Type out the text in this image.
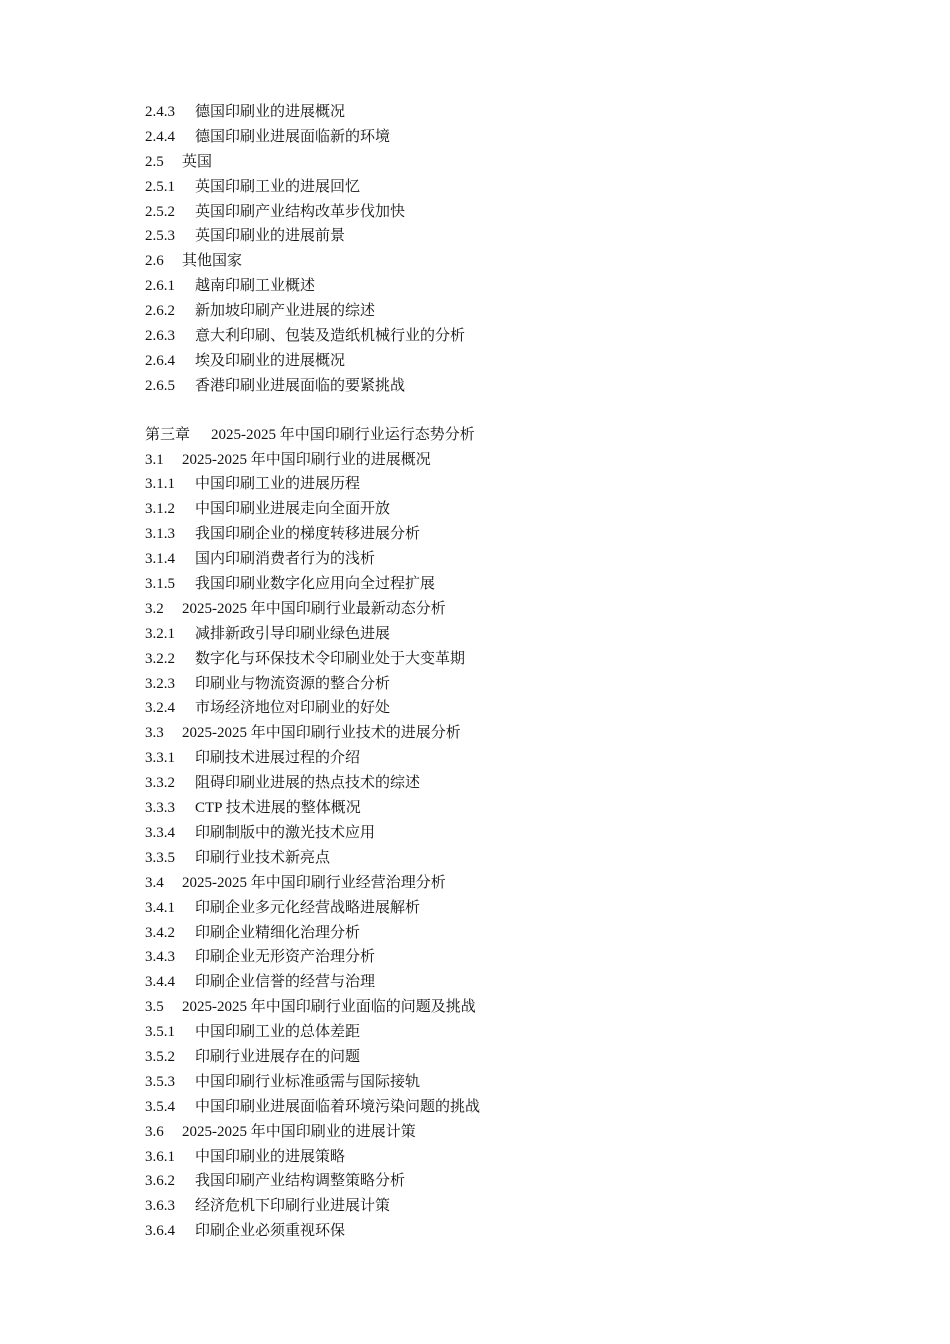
2.4.3 德国印刷业的进展概况
2.4.4 德国印刷业进展面临新的环境
2.5 英国
2.5.1 英国印刷工业的进展回忆
2.5.2 英国印刷产业结构改革步伐加快
2.5.3 英国印刷业的进展前景
2.6 其他国家
2.6.1 越南印刷工业概述
2.6.2 新加坡印刷产业进展的综述
2.6.3 意大利印刷、包装及造纸机械行业的分析
2.6.4 埃及印刷业的进展概况
2.6.5 香港印刷业进展面临的要紧挑战
第三章 2025-2025 年中国印刷行业运行态势分析
3.1 2025-2025 年中国印刷行业的进展概况
3.1.1 中国印刷工业的进展历程
3.1.2 中国印刷业进展走向全面开放
3.1.3 我国印刷企业的梯度转移进展分析
3.1.4 国内印刷消费者行为的浅析
3.1.5 我国印刷业数字化应用向全过程扩展
3.2 2025-2025 年中国印刷行业最新动态分析
3.2.1 减排新政引导印刷业绿色进展
3.2.2 数字化与环保技术令印刷业处于大变革期
3.2.3 印刷业与物流资源的整合分析
3.2.4 市场经济地位对印刷业的好处
3.3 2025-2025 年中国印刷行业技术的进展分析
3.3.1 印刷技术进展过程的介绍
3.3.2 阻碍印刷业进展的热点技术的综述
3.3.3 CTP 技术进展的整体概况
3.3.4 印刷制版中的激光技术应用
3.3.5 印刷行业技术新亮点
3.4 2025-2025 年中国印刷行业经营治理分析
3.4.1 印刷企业多元化经营战略进展解析
3.4.2 印刷企业精细化治理分析
3.4.3 印刷企业无形资产治理分析
3.4.4 印刷企业信誉的经营与治理
3.5 2025-2025 年中国印刷行业面临的问题及挑战
3.5.1 中国印刷工业的总体差距
3.5.2 印刷行业进展存在的问题
3.5.3 中国印刷行业标准亟需与国际接轨
3.5.4 中国印刷业进展面临着环境污染问题的挑战
3.6 2025-2025 年中国印刷业的进展计策
3.6.1 中国印刷业的进展策略
3.6.2 我国印刷产业结构调整策略分析
3.6.3 经济危机下印刷行业进展计策
3.6.4 印刷企业必须重视环保
